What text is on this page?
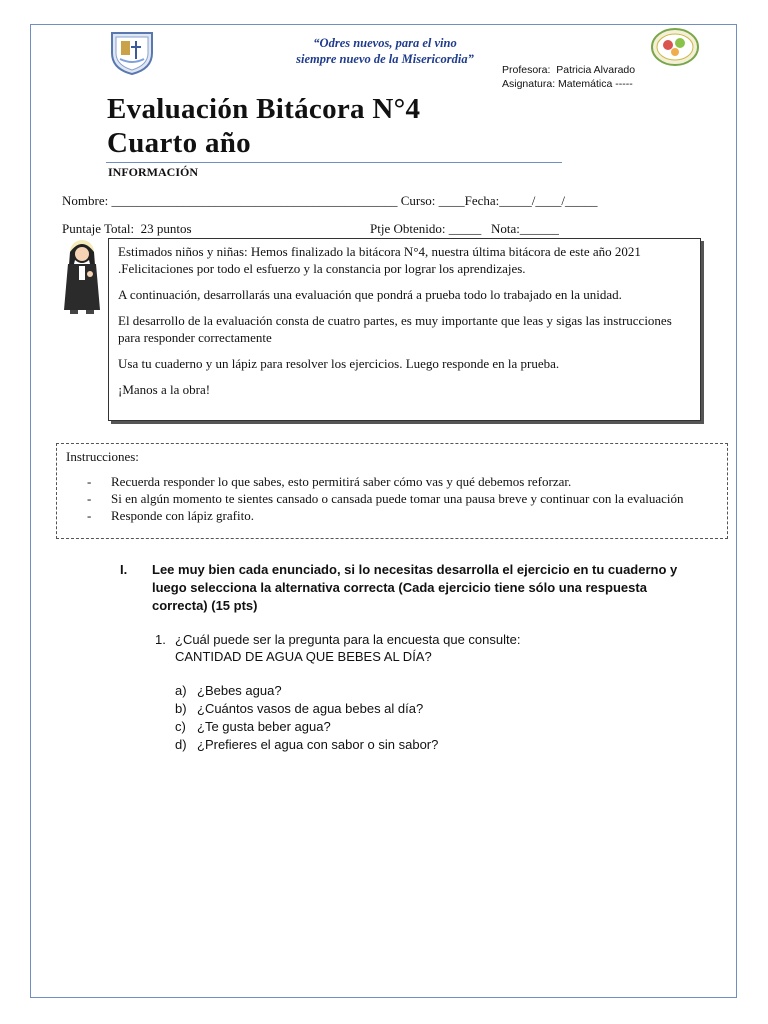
“Odres nuevos, para el vino
siempre nuevo de la Misericordia”
Profesora: Patricia Alvarado
Asignatura: Matemática -----
Evaluación Bitácora N°4
Cuarto año
INFORMACIÓN
Nombre: ____________________________________________ Curso: ____Fecha:_____/____/_____
Puntaje Total:  23 puntos	Ptje Obtenido: _____   Nota:______

Estimados niños y niñas: Hemos finalizado la bitácora N°4, nuestra última bitácora de este año 2021 .Felicitaciones por todo el esfuerzo y la constancia por lograr los aprendizajes.

A continuación, desarrollarás una evaluación que pondrá a prueba todo lo trabajado en la unidad.

El desarrollo de la evaluación consta de cuatro partes, es muy importante que leas y sigas las instrucciones para responder correctamente

Usa tu cuaderno y un lápiz para resolver los ejercicios. Luego responde en la prueba.

¡Manos a la obra!

Instrucciones:
- Recuerda responder lo que sabes, esto permitirá saber cómo vas y qué debemos reforzar.
- Si en algún momento te sientes cansado o cansada puede tomar una pausa breve y continuar con la evaluación
- Responde con lápiz grafito.
I. Lee muy bien cada enunciado, si lo necesitas desarrolla el ejercicio en tu cuaderno y luego selecciona la alternativa correcta (Cada ejercicio tiene sólo una respuesta correcta) (15 pts)
1. ¿Cuál puede ser la pregunta para la encuesta que consulte:
CANTIDAD DE AGUA QUE BEBES AL DÍA?
a) ¿Bebes agua?
b) ¿Cuántos vasos de agua bebes al día?
c) ¿Te gusta beber agua?
d) ¿Prefieres el agua con sabor o sin sabor?
